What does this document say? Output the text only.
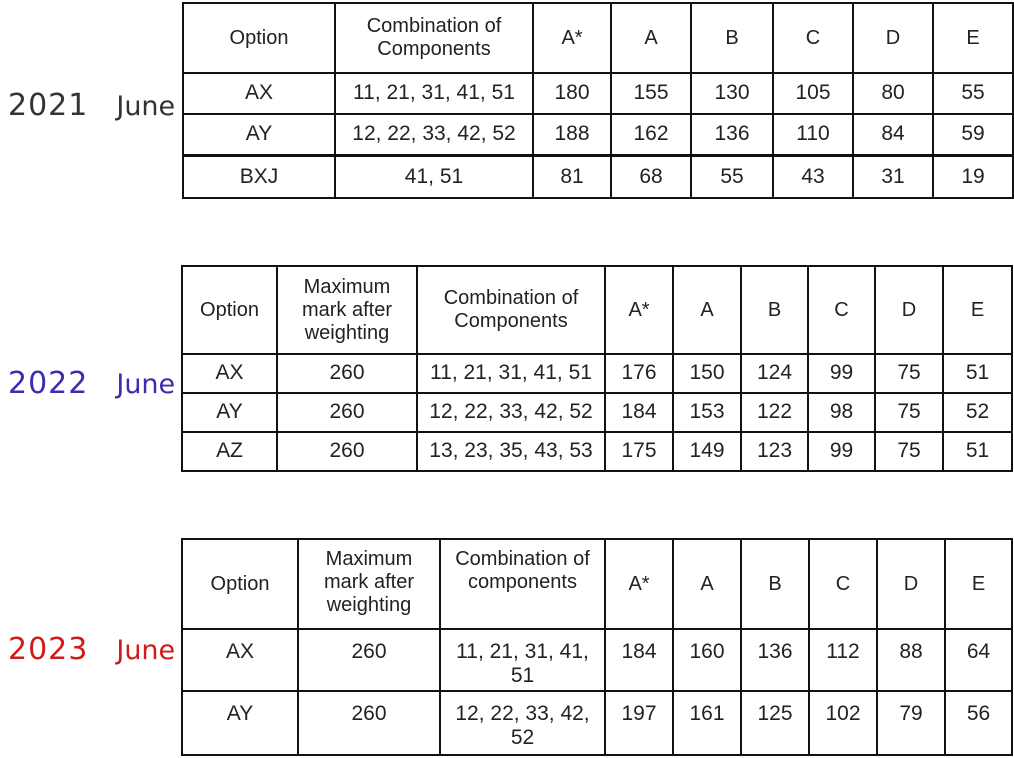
2021 June
2022 June
2023 June
Option	Combination of Components	A*	A	B	C	D	E
AX	11, 21, 31, 41, 51	180	155	130	105	80	55
AY	12, 22, 33, 42, 52	188	162	136	110	84	59
BXJ	41, 51	81	68	55	43	31	19
Option	Maximum mark after weighting	Combination of Components	A*	A	B	C	D	E
AX	260	11, 21, 31, 41, 51	176	150	124	99	75	51
AY	260	12, 22, 33, 42, 52	184	153	122	98	75	52
AZ	260	13, 23, 35, 43, 53	175	149	123	99	75	51
Option	Maximum mark after weighting	Combination of components	A*	A	B	C	D	E
AX	260	11, 21, 31, 41, 51	184	160	136	112	88	64
AY	260	12, 22, 33, 42, 52	197	161	125	102	79	56
